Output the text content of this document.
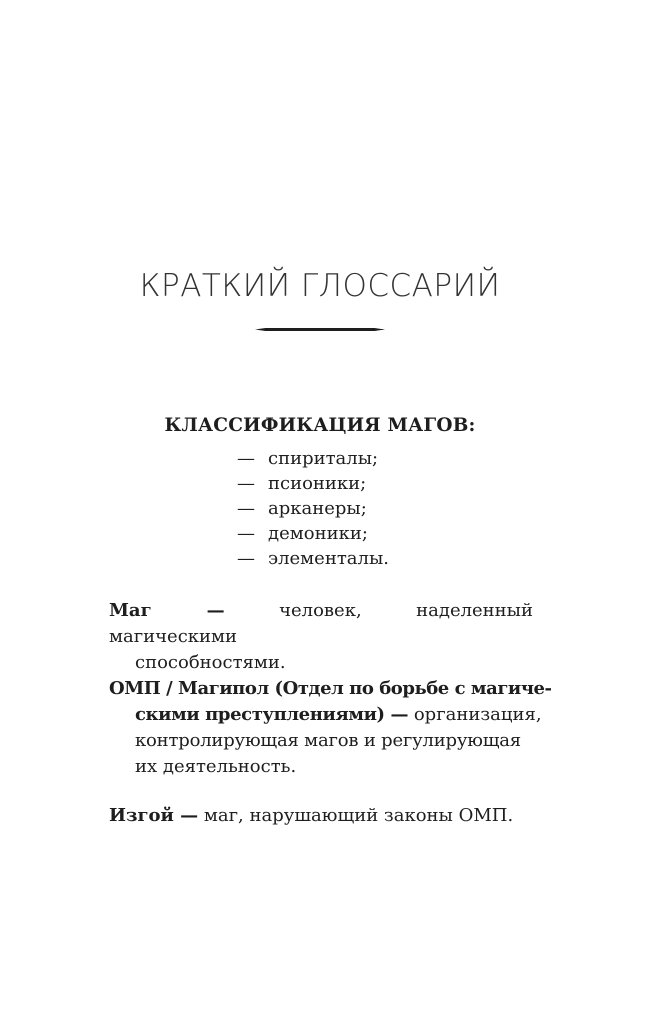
КРАТКИЙ ГЛОССАРИЙ
КЛАССИФИКАЦИЯ МАГОВ:
— спириталы;
— псионики;
— арканеры;
— демоники;
— элементалы.

Маг —	человек, наделенный магическими

способностями.

ОМП / Магипол (Отдел по борьбе с магиче-

скими преступлениями) — организация,

контролирующая магов и регулирующая

их деятельность.

Изгой — маг, нарушающий законы ОМП.
